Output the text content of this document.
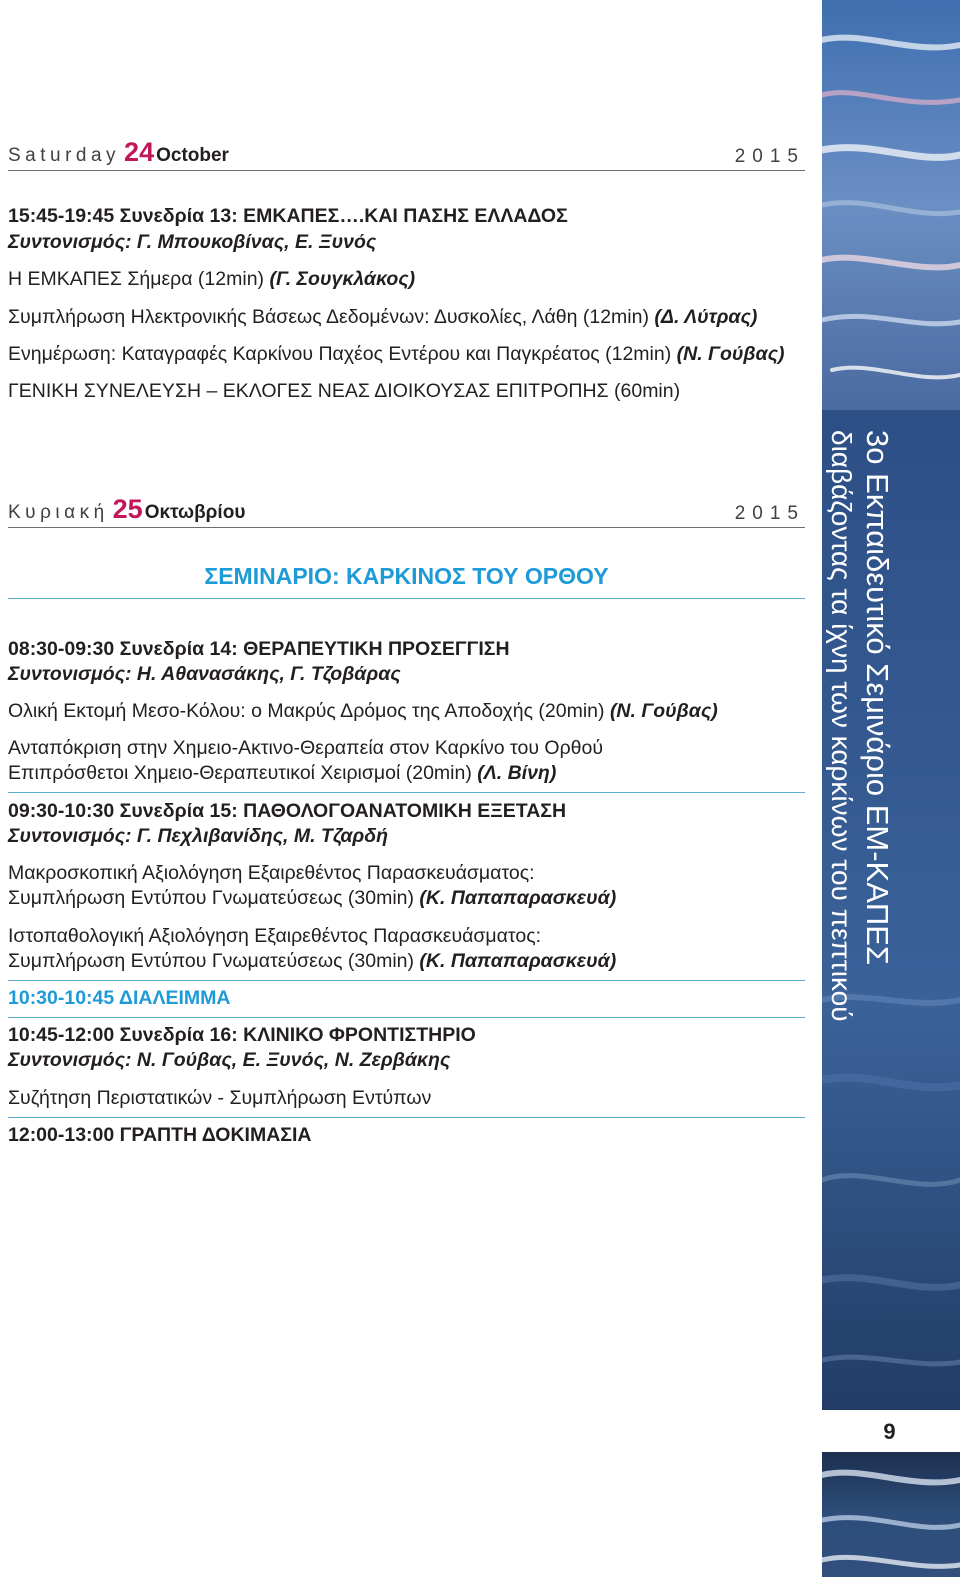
Saturday 24 October	2015
15:45-19:45 Συνεδρία 13: ΕΜΚΑΠΕΣ….ΚΑΙ ΠΑΣΗΣ ΕΛΛΑΔΟΣ
Συντονισμός: Γ. Μπουκοβίνας, Ε. Ξυνός
Η ΕΜΚΑΠΕΣ Σήμερα (12min) (Γ. Σουγκλάκος)
Συμπλήρωση Ηλεκτρονικής Βάσεως Δεδομένων: Δυσκολίες, Λάθη (12min) (Δ. Λύτρας)
Ενημέρωση: Καταγραφές Καρκίνου Παχέος Εντέρου και Παγκρέατος (12min) (Ν. Γούβας)
ΓΕΝΙΚΗ ΣΥΝΕΛΕΥΣΗ – ΕΚΛΟΓΕΣ ΝΕΑΣ ΔΙΟΙΚΟΥΣΑΣ ΕΠΙΤΡΟΠΗΣ (60min)
Κυριακή 25 Οκτωβρίου	2015
ΣΕΜΙΝΑΡΙΟ: ΚΑΡΚΙΝΟΣ ΤΟΥ ΟΡΘΟΥ
08:30-09:30 Συνεδρία 14: ΘΕΡΑΠΕΥΤΙΚΗ ΠΡΟΣΕΓΓΙΣΗ
Συντονισμός: Η. Αθανασάκης, Γ. Τζοβάρας
Ολική Εκτομή Μεσο-Κόλου: ο Μακρύς Δρόμος της Αποδοχής (20min) (Ν. Γούβας)
Ανταπόκριση στην Χημειο-Ακτινο-Θεραπεία στον Καρκίνο του Ορθού
Επιπρόσθετοι Χημειο-Θεραπευτικοί Χειρισμοί (20min) (Λ. Βίνη)
09:30-10:30 Συνεδρία 15: ΠΑΘΟΛΟΓΟΑΝΑΤΟΜΙΚΗ ΕΞΕΤΑΣΗ
Συντονισμός: Γ. Πεχλιβανίδης, Μ. Τζαρδή
Μακροσκοπική Αξιολόγηση Εξαιρεθέντος Παρασκευάσματος:
Συμπλήρωση Εντύπου Γνωματεύσεως (30min) (Κ. Παπαπαρασκευά)
Ιστοπαθολογική Αξιολόγηση Εξαιρεθέντος Παρασκευάσματος:
Συμπλήρωση Εντύπου Γνωματεύσεως (30min) (Κ. Παπαπαρασκευά)
10:30-10:45 ΔΙΑΛΕΙΜΜΑ
10:45-12:00 Συνεδρία 16: ΚΛΙΝΙΚΟ ΦΡΟΝΤΙΣΤΗΡΙΟ
Συντονισμός: Ν. Γούβας, Ε. Ξυνός, Ν. Ζερβάκης
Συζήτηση Περιστατικών - Συμπλήρωση Εντύπων
12:00-13:00 ΓΡΑΠΤΗ ΔΟΚΙΜΑΣΙΑ
3ο Εκπαιδευτικό Σεμινάριο ΕΜ-ΚΑΠΕΣ
διαβάζοντας τα ίχνη των καρκίνων του πεπτικού
9
